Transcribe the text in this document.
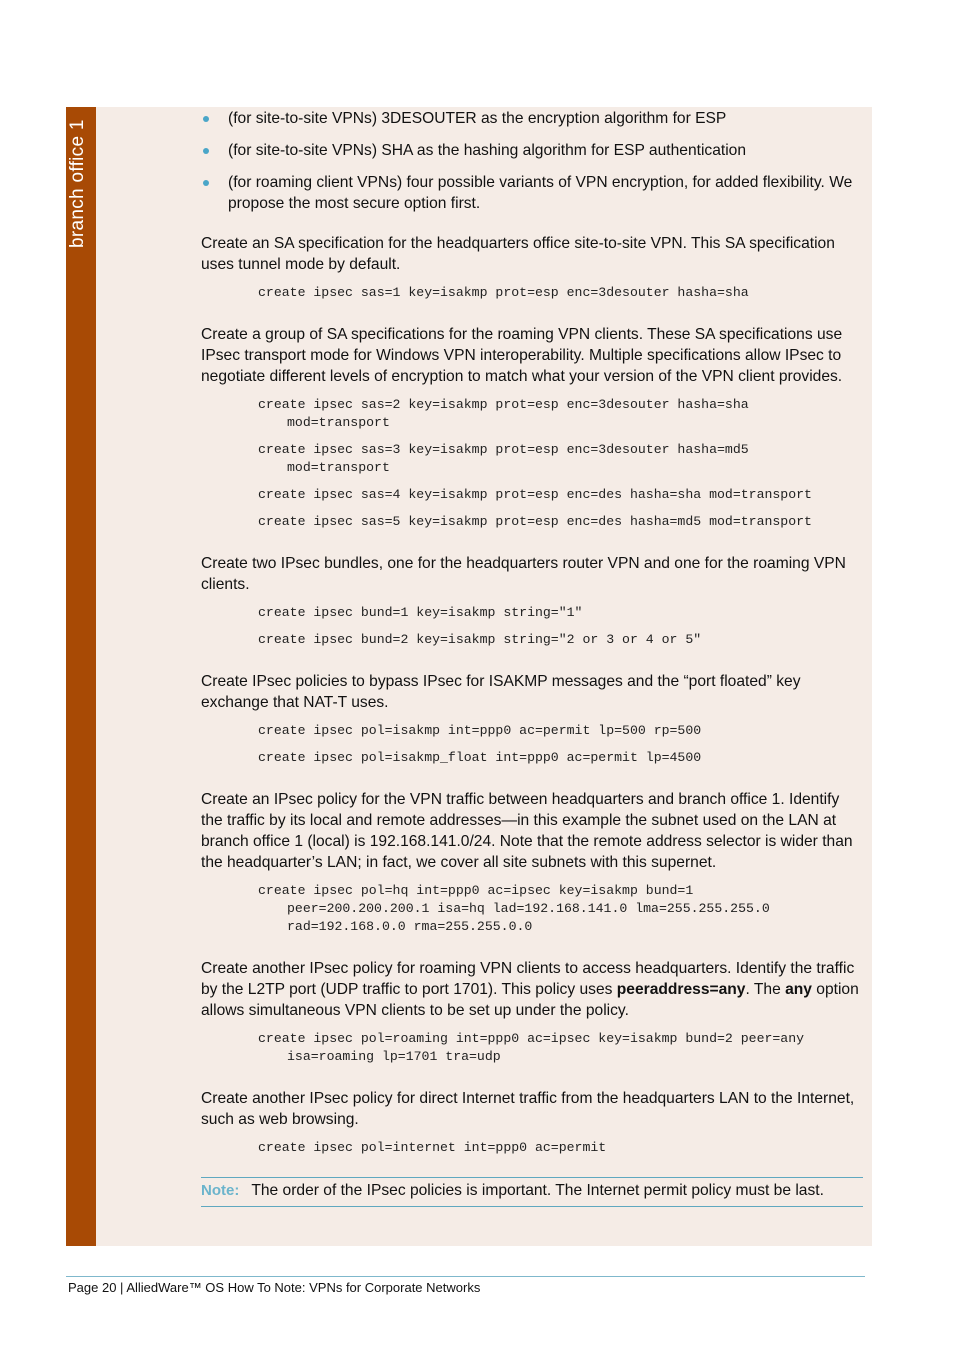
branch office 1
(for site-to-site VPNs) 3DESOUTER as the encryption algorithm for ESP
(for site-to-site VPNs) SHA as the hashing algorithm for ESP authentication
(for roaming client VPNs) four possible variants of VPN encryption, for added flexibility. We propose the most secure option first.

Create an SA specification for the headquarters office site-to-site VPN. This SA specification uses tunnel mode by default.

create ipsec sas=1 key=isakmp prot=esp enc=3desouter hasha=sha

Create a group of SA specifications for the roaming VPN clients. These SA specifications use IPsec transport mode for Windows VPN interoperability. Multiple specifications allow IPsec to negotiate different levels of encryption to match what your version of the VPN client provides.

create ipsec sas=2 key=isakmp prot=esp enc=3desouter hasha=sha
mod=transport
create ipsec sas=3 key=isakmp prot=esp enc=3desouter hasha=md5
mod=transport
create ipsec sas=4 key=isakmp prot=esp enc=des hasha=sha mod=transport
create ipsec sas=5 key=isakmp prot=esp enc=des hasha=md5 mod=transport

Create two IPsec bundles, one for the headquarters router VPN and one for the roaming VPN clients.

create ipsec bund=1 key=isakmp string="1"
create ipsec bund=2 key=isakmp string="2 or 3 or 4 or 5"

Create IPsec policies to bypass IPsec for ISAKMP messages and the “port floated” key exchange that NAT-T uses.

create ipsec pol=isakmp int=ppp0 ac=permit lp=500 rp=500
create ipsec pol=isakmp_float int=ppp0 ac=permit lp=4500

Create an IPsec policy for the VPN traffic between headquarters and branch office 1. Identify the traffic by its local and remote addresses—in this example the subnet used on the LAN at branch office 1 (local) is 192.168.141.0/24. Note that the remote address selector is wider than the headquarter’s LAN; in fact, we cover all site subnets with this supernet.

create ipsec pol=hq int=ppp0 ac=ipsec key=isakmp bund=1
peer=200.200.200.1 isa=hq lad=192.168.141.0 lma=255.255.255.0
rad=192.168.0.0 rma=255.255.0.0

Create another IPsec policy for roaming VPN clients to access headquarters. Identify the traffic by the L2TP port (UDP traffic to port 1701). This policy uses peeraddress=any. The any option allows simultaneous VPN clients to be set up under the policy.

create ipsec pol=roaming int=ppp0 ac=ipsec key=isakmp bund=2 peer=any
isa=roaming lp=1701 tra=udp

Create another IPsec policy for direct Internet traffic from the headquarters LAN to the Internet, such as web browsing.

create ipsec pol=internet int=ppp0 ac=permit
Note: The order of the IPsec policies is important. The Internet permit policy must be last.
Page 20 | AlliedWare™ OS How To Note: VPNs for Corporate Networks
